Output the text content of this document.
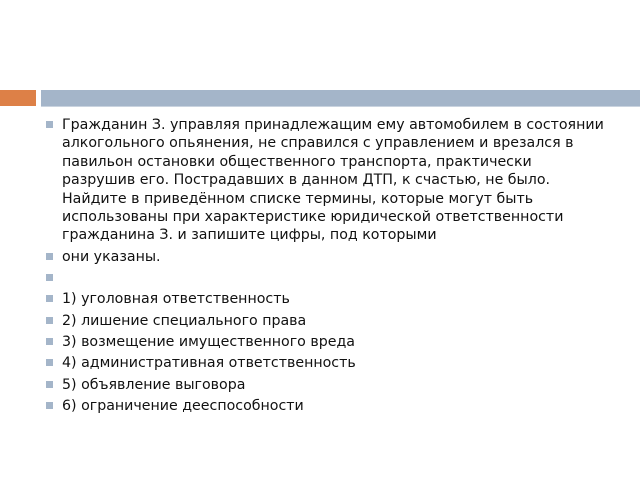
Гражданин З. управляя принадлежащим ему автомобилем в состоянии алкогольного опьянения, не справился с управлением и врезался в павильон остановки общественного транспорта, практически разрушив его. Пострадавших в данном ДТП, к счастью, не было. Найдите в приведённом списке термины, которые могут быть использованы при характеристике юридической ответственности гражданина З. и запишите цифры, под которыми
они указаны.
1) уголовная ответственность
2) лишение специального права
3) возмещение имущественного вреда
4) административная ответственность
5) объявление выговора
6) ограничение дееспособности
